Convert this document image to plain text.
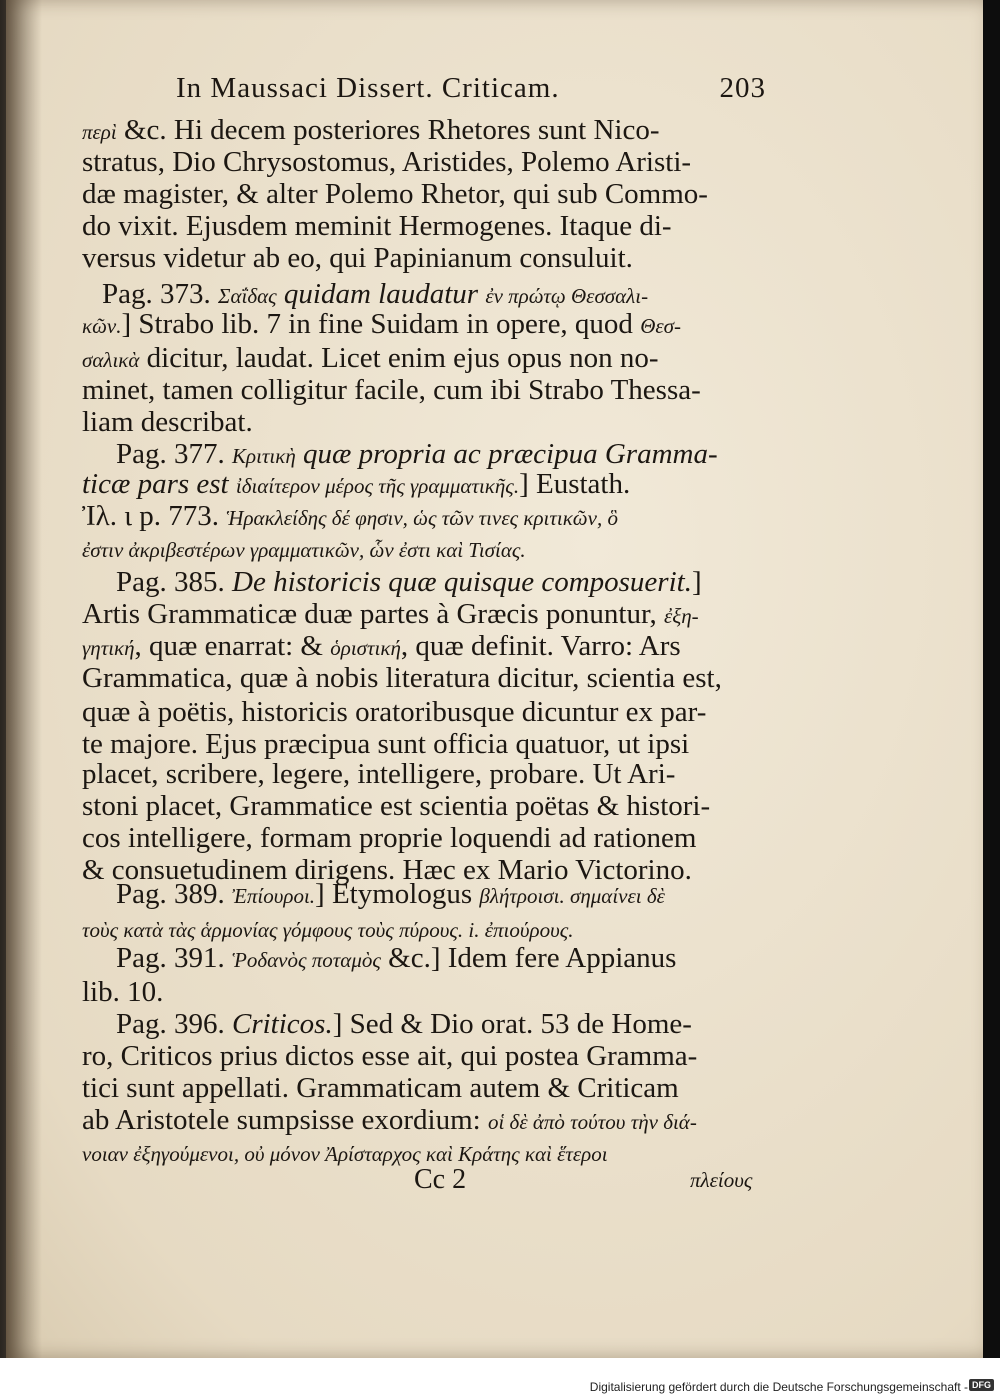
In Maussaci Dissert. Criticam.	203
περὶ &c. Hi decem posteriores Rhetores sunt Nico-
stratus, Dio Chrysostomus, Aristides, Polemo Aristi-
dæ magister, & alter Polemo Rhetor, qui sub Commo-
do vixit. Ejusdem meminit Hermogenes. Itaque di-
versus videtur ab eo, qui Papinianum consuluit.
Pag. 373. Σαΐδας quidam laudatur ἐν πρώτῳ Θεσσαλι-
κῶν.] Strabo lib. 7 in fine Suidam in opere, quod Θεσ-
σαλικὰ dicitur, laudat. Licet enim ejus opus non no-
minet, tamen colligitur facile, cum ibi Strabo Thessa-
liam describat.
Pag. 377. Κριτικὴ quæ propria ac præcipua Gramma-
ticæ pars est ἰδιαίτερον μέρος τῆς γραμματικῆς.] Eustath.
Ἰλ. ι p. 773. Ἡρακλείδης δέ φησιν, ὡς τῶν τινες κριτικῶν, ὃ
ἐστιν ἀκριβεστέρων γραμματικῶν, ὧν ἐστι καὶ Τισίας.
Pag. 385. De historicis quæ quisque composuerit.]
Artis Grammaticæ duæ partes à Græcis ponuntur, ἐξη-
γητική, quæ enarrat: & ὁριστική, quæ definit. Varro: Ars
Grammatica, quæ à nobis literatura dicitur, scientia est,
quæ à poëtis, historicis oratoribusque dicuntur ex par-
te majore. Ejus præcipua sunt officia quatuor, ut ipsi
placet, scribere, legere, intelligere, probare. Ut Ari-
stoni placet, Grammatice est scientia poëtas & histori-
cos intelligere, formam proprie loquendi ad rationem
& consuetudinem dirigens. Hæc ex Mario Victorino.
Pag. 389. Ἐπίουροι.] Etymologus βλήτροισι. σημαίνει δὲ
τοὺς κατὰ τὰς ἁρμονίας γόμφους τοὺς πύρους. i. ἐπιούρους.
Pag. 391. Ῥοδανὸς ποταμὸς &c.] Idem fere Appianus
lib. 10.
Pag. 396. Criticos.] Sed & Dio orat. 53 de Home-
ro, Criticos prius dictos esse ait, qui postea Gramma-
tici sunt appellati. Grammaticam autem & Criticam
ab Aristotele sumpsisse exordium: οἱ δὲ ἀπὸ τούτου τὴν διά-
νοιαν ἐξηγούμενοι, οὐ μόνον Ἀρίσταρχος καὶ Κράτης καὶ ἕτεροι
πλείους
Cc 2
Digitalisierung gefördert durch die Deutsche Forschungsgemeinschaft - DFG
